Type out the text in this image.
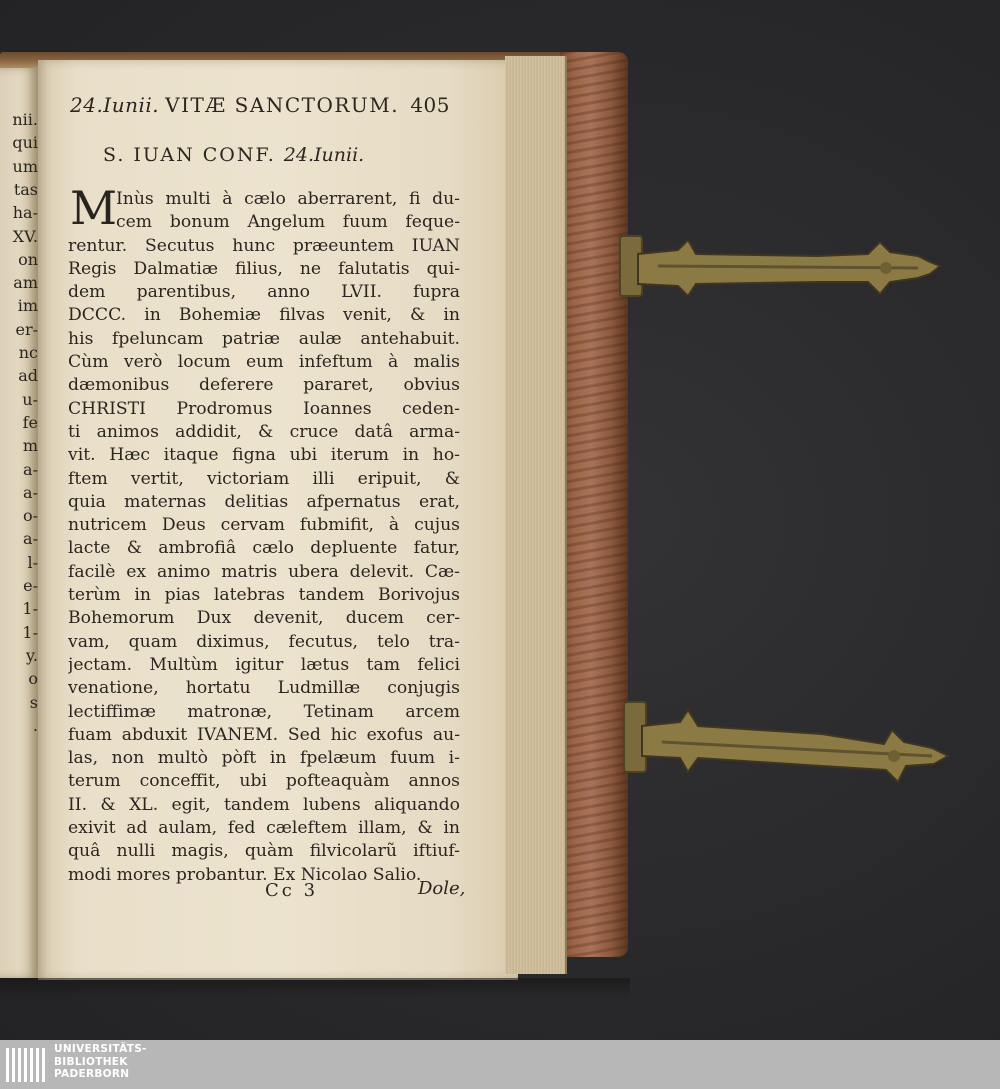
nii.
qui
um
tas
ha-
XV.
on
am
im
er-
nc
ad
u-
fe
m
a-
a-
o-
a-
l-
e-
1-
1-
y.
o
s
.
24.Iunii. VITÆ SANCTORUM. 405
S. IUAN CONF. 24.Iunii.
M
Inùs multi à cælo aberrarent, fi du-
cem bonum Angelum fuum feque-
rentur. Secutus hunc præeuntem IUAN
Regis Dalmatiæ filius, ne falutatis qui-
dem parentibus, anno LVII. fupra
DCCC. in Bohemiæ filvas venit, & in
his fpeluncam patriæ aulæ antehabuit.
Cùm verò locum eum infeftum à malis
dæmonibus deferere pararet, obvius
CHRISTI Prodromus Ioannes ceden-
ti animos addidit, & cruce datâ arma-
vit. Hæc itaque figna ubi iterum in ho-
ftem vertit, victoriam illi eripuit, &
quia maternas delitias afpernatus erat,
nutricem Deus cervam fubmifit, à cujus
lacte & ambrofiâ cælo depluente fatur,
facilè ex animo matris ubera delevit. Cæ-
terùm in pias latebras tandem Borivojus
Bohemorum Dux devenit, ducem cer-
vam, quam diximus, fecutus, telo tra-
jectam. Multùm igitur lætus tam felici
venatione, hortatu Ludmillæ conjugis
lectiffimæ matronæ, Tetinam arcem
fuam abduxit IVANEM. Sed hic exofus au-
las, non multò pòft in fpelæum fuum i-
terum conceffit, ubi pofteaquàm annos
II. & XL. egit, tandem lubens aliquando
exivit ad aulam, fed cæleftem illam, & in
quâ nulli magis, quàm filvicolarũ iftiuf-
modi mores probantur. Ex Nicolao Salio.
Cc 3	Dole,
UNIVERSITÄTS-
BIBLIOTHEK
PADERBORN
